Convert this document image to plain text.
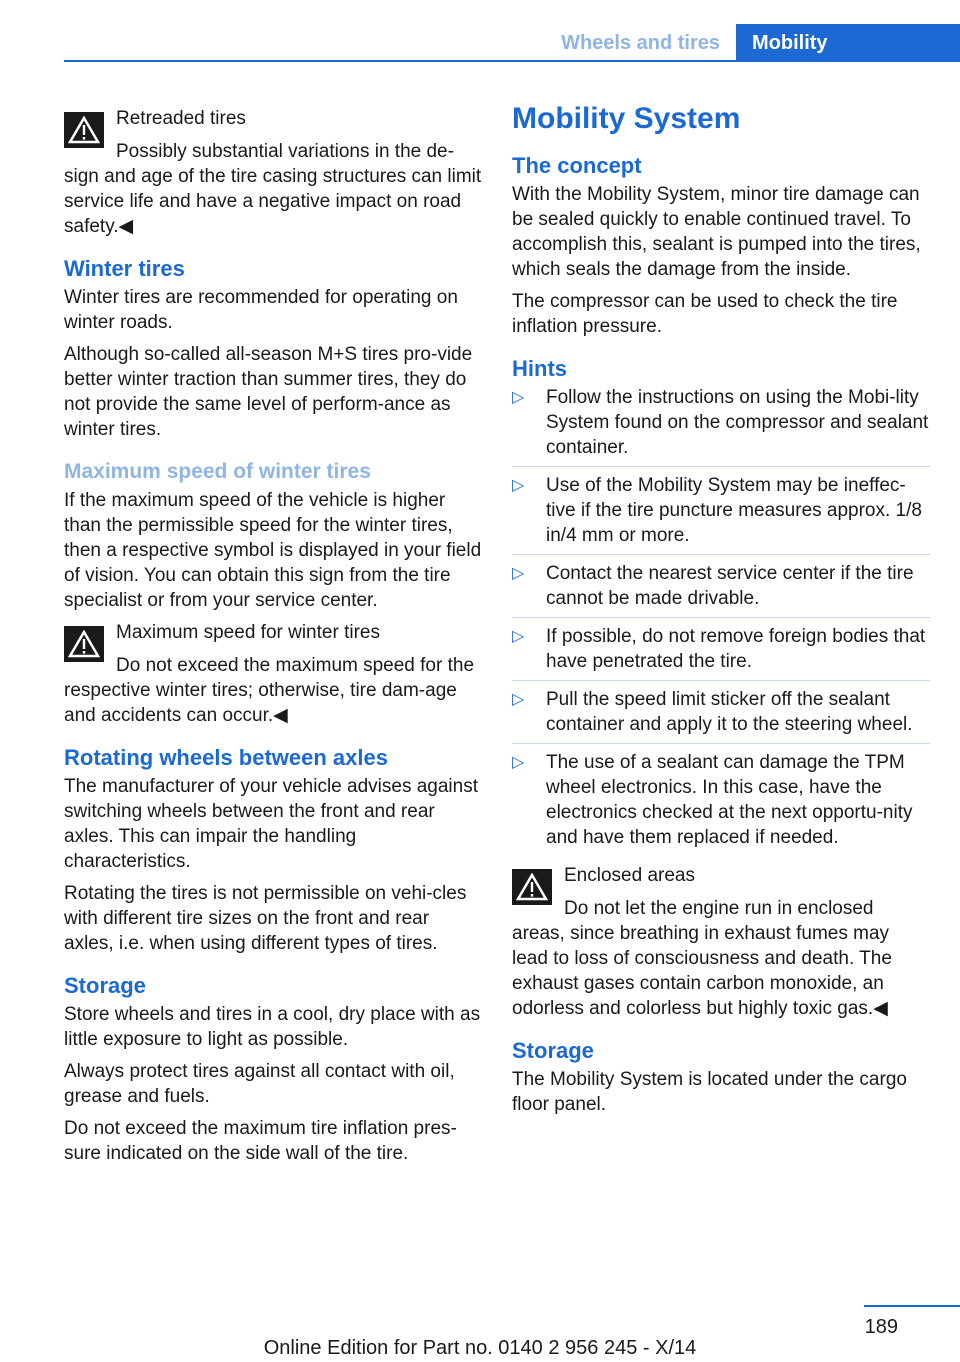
Wheels and tires	Mobility

Retreaded tires

Possibly substantial variations in the de‐sign and age of the tire casing structures can limit service life and have a negative impact on road safety.◀

Winter tires

Winter tires are recommended for operating on winter roads.

Although so-called all-season M+S tires pro‐vide better winter traction than summer tires, they do not provide the same level of perform‐ance as winter tires.

Maximum speed of winter tires

If the maximum speed of the vehicle is higher than the permissible speed for the winter tires, then a respective symbol is displayed in your field of vision. You can obtain this sign from the tire specialist or from your service center.

Maximum speed for winter tires

Do not exceed the maximum speed for the respective winter tires; otherwise, tire dam‐age and accidents can occur.◀

Rotating wheels between axles

The manufacturer of your vehicle advises against switching wheels between the front and rear axles. This can impair the handling characteristics.

Rotating the tires is not permissible on vehi‐cles with different tire sizes on the front and rear axles, i.e. when using different types of tires.

Storage

Store wheels and tires in a cool, dry place with as little exposure to light as possible.

Always protect tires against all contact with oil, grease and fuels.

Do not exceed the maximum tire inflation pres‐sure indicated on the side wall of the tire.

Mobility System
The concept

With the Mobility System, minor tire damage can be sealed quickly to enable continued travel. To accomplish this, sealant is pumped into the tires, which seals the damage from the inside.

The compressor can be used to check the tire inflation pressure.

Hints
▷ Follow the instructions on using the Mobi‐lity System found on the compressor and sealant container.
▷ Use of the Mobility System may be ineffec‐tive if the tire puncture measures approx. 1/8 in/4 mm or more.
▷ Contact the nearest service center if the tire cannot be made drivable.
▷ If possible, do not remove foreign bodies that have penetrated the tire.
▷ Pull the speed limit sticker off the sealant container and apply it to the steering wheel.
▷ The use of a sealant can damage the TPM wheel electronics. In this case, have the electronics checked at the next opportu‐nity and have them replaced if needed.

Enclosed areas

Do not let the engine run in enclosed areas, since breathing in exhaust fumes may lead to loss of consciousness and death. The exhaust gases contain carbon monoxide, an odorless and colorless but highly toxic gas.◀

Storage

The Mobility System is located under the cargo floor panel.

189
Online Edition for Part no. 0140 2 956 245 - X/14
